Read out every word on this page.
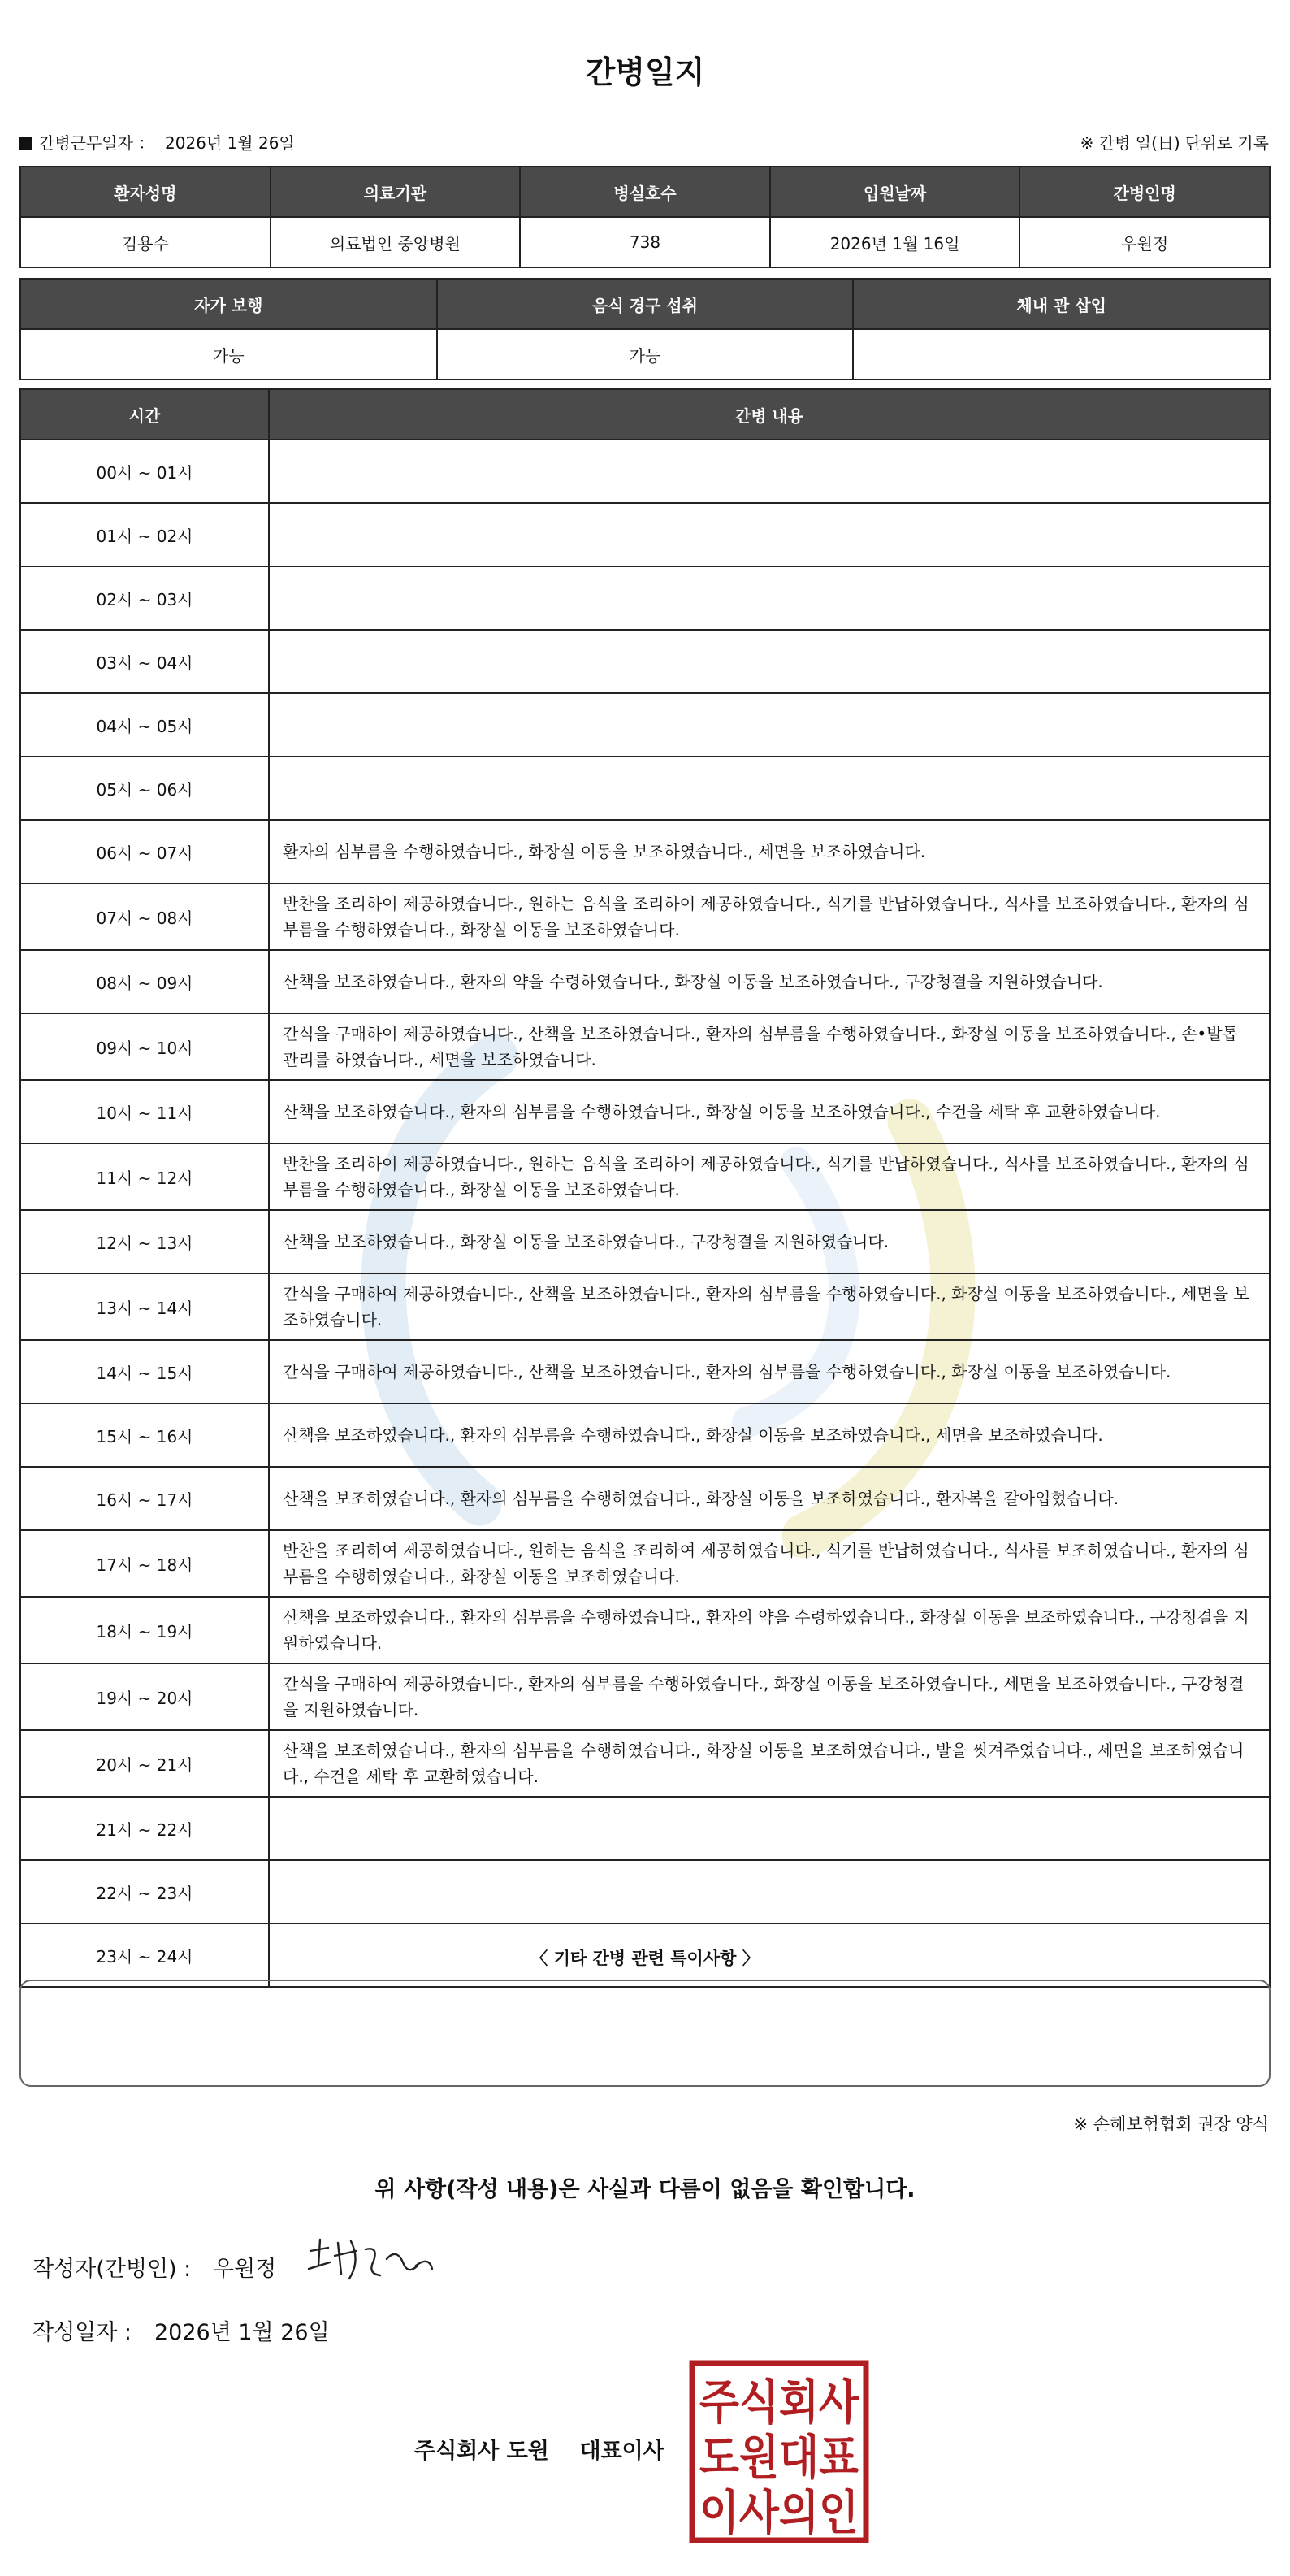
간병일지
간병근무일자 ： 2026년 1월 26일	※ 간병 일(日) 단위로 기록
환자성명	의료기관	병실호수	입원날짜	간병인명
김용수	의료법인 중앙병원	738	2026년 1월 16일	우원정
자가 보행	음식 경구 섭취	체내 관 삽입
가능	가능	
시간	간병 내용
00시 ~ 01시	
01시 ~ 02시	
02시 ~ 03시	
03시 ~ 04시	
04시 ~ 05시	
05시 ~ 06시	
06시 ~ 07시	환자의 심부름을 수행하였습니다., 화장실 이동을 보조하였습니다., 세면을 보조하였습니다.
07시 ~ 08시	반찬을 조리하여 제공하였습니다., 원하는 음식을 조리하여 제공하였습니다., 식기를 반납하였습니다., 식사를 보조하였습니다., 환자의 심부름을 수행하였습니다., 화장실 이동을 보조하였습니다.
08시 ~ 09시	산책을 보조하였습니다., 환자의 약을 수령하였습니다., 화장실 이동을 보조하였습니다., 구강청결을 지원하였습니다.
09시 ~ 10시	간식을 구매하여 제공하였습니다., 산책을 보조하였습니다., 환자의 심부름을 수행하였습니다., 화장실 이동을 보조하였습니다., 손•발톱 관리를 하였습니다., 세면을 보조하였습니다.
10시 ~ 11시	산책을 보조하였습니다., 환자의 심부름을 수행하였습니다., 화장실 이동을 보조하였습니다., 수건을 세탁 후 교환하였습니다.
11시 ~ 12시	반찬을 조리하여 제공하였습니다., 원하는 음식을 조리하여 제공하였습니다., 식기를 반납하였습니다., 식사를 보조하였습니다., 환자의 심부름을 수행하였습니다., 화장실 이동을 보조하였습니다.
12시 ~ 13시	산책을 보조하였습니다., 화장실 이동을 보조하였습니다., 구강청결을 지원하였습니다.
13시 ~ 14시	간식을 구매하여 제공하였습니다., 산책을 보조하였습니다., 환자의 심부름을 수행하였습니다., 화장실 이동을 보조하였습니다., 세면을 보조하였습니다.
14시 ~ 15시	간식을 구매하여 제공하였습니다., 산책을 보조하였습니다., 환자의 심부름을 수행하였습니다., 화장실 이동을 보조하였습니다.
15시 ~ 16시	산책을 보조하였습니다., 환자의 심부름을 수행하였습니다., 화장실 이동을 보조하였습니다., 세면을 보조하였습니다.
16시 ~ 17시	산책을 보조하였습니다., 환자의 심부름을 수행하였습니다., 화장실 이동을 보조하였습니다., 환자복을 갈아입혔습니다.
17시 ~ 18시	반찬을 조리하여 제공하였습니다., 원하는 음식을 조리하여 제공하였습니다., 식기를 반납하였습니다., 식사를 보조하였습니다., 환자의 심부름을 수행하였습니다., 화장실 이동을 보조하였습니다.
18시 ~ 19시	산책을 보조하였습니다., 환자의 심부름을 수행하였습니다., 환자의 약을 수령하였습니다., 화장실 이동을 보조하였습니다., 구강청결을 지원하였습니다.
19시 ~ 20시	간식을 구매하여 제공하였습니다., 환자의 심부름을 수행하였습니다., 화장실 이동을 보조하였습니다., 세면을 보조하였습니다., 구강청결을 지원하였습니다.
20시 ~ 21시	산책을 보조하였습니다., 환자의 심부름을 수행하였습니다., 화장실 이동을 보조하였습니다., 발을 씻겨주었습니다., 세면을 보조하였습니다., 수건을 세탁 후 교환하였습니다.
21시 ~ 22시	
22시 ~ 23시	
23시 ~ 24시		〈 기타 간병 관련 특이사항 〉
※ 손해보험협회 권장 양식
위 사항(작성 내용)은 사실과 다름이 없음을 확인합니다.
작성자(간병인) : 우원정
작성일자 : 2026년 1월 26일
주식회사 도원    대표이사
주식회사
도원대표
이사의인
